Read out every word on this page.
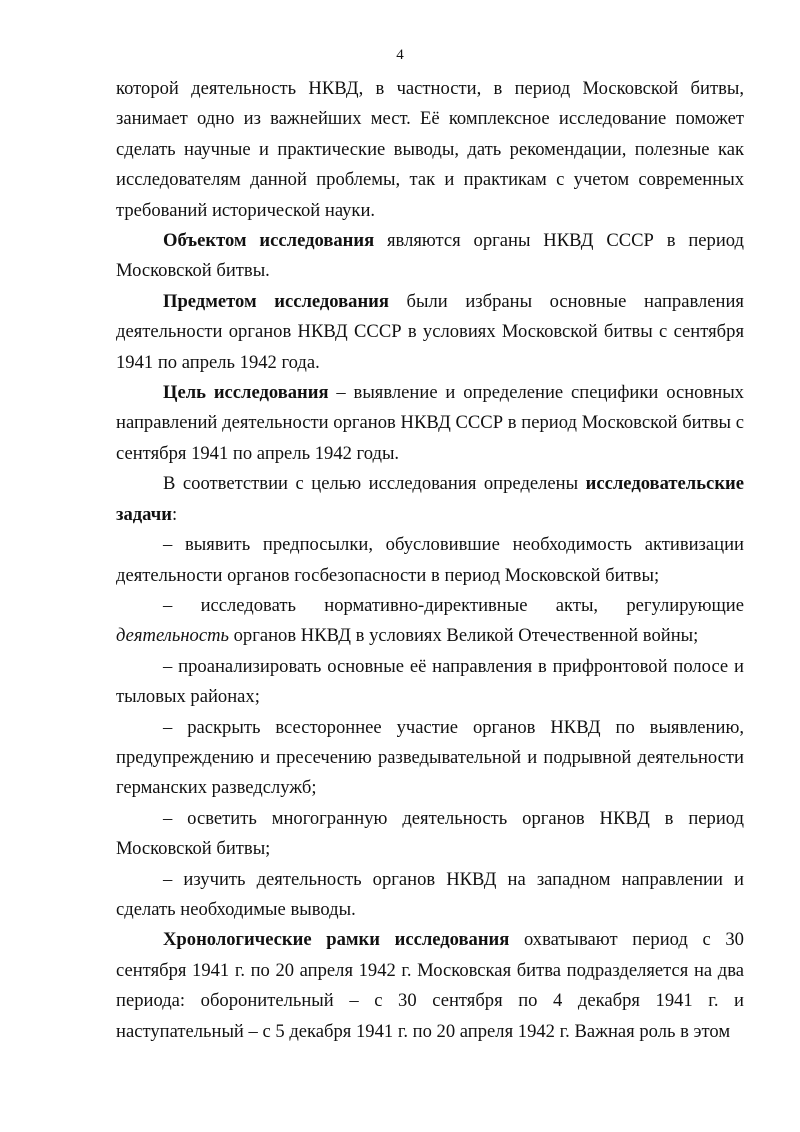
4

которой деятельность НКВД, в частности, в период Московской битвы, занимает одно из важнейших мест. Её комплексное исследование поможет сделать научные и практические выводы, дать рекомендации, полезные как исследователям данной проблемы, так и практикам с учетом современных требований исторической науки.

Объектом исследования являются органы НКВД СССР в период Московской битвы.

Предметом исследования были избраны основные направления деятельности органов НКВД СССР в условиях Московской битвы с сентября 1941 по апрель 1942 года.

Цель исследования – выявление и определение специфики основных направлений деятельности органов НКВД СССР в период Московской битвы с сентября 1941 по апрель 1942 годы.

В соответствии с целью исследования определены исследовательские задачи:

– выявить предпосылки, обусловившие необходимость активизации деятельности органов госбезопасности в период Московской битвы;

– исследовать нормативно-директивные акты, регулирующие деятельность органов НКВД в условиях Великой Отечественной войны;

– проанализировать основные её направления в прифронтовой полосе и тыловых районах;

– раскрыть всестороннее участие органов НКВД по выявлению, предупреждению и пресечению разведывательной и подрывной деятельности германских разведслужб;

– осветить многогранную деятельность органов НКВД в период Московской битвы;

– изучить деятельность органов НКВД на западном направлении и сделать необходимые выводы.

Хронологические рамки исследования охватывают период с 30 сентября 1941 г. по 20 апреля 1942 г. Московская битва подразделяется на два периода: оборонительный – с 30 сентября по 4 декабря 1941 г. и наступательный – с 5 декабря 1941 г. по 20 апреля 1942 г. Важная роль в этом
